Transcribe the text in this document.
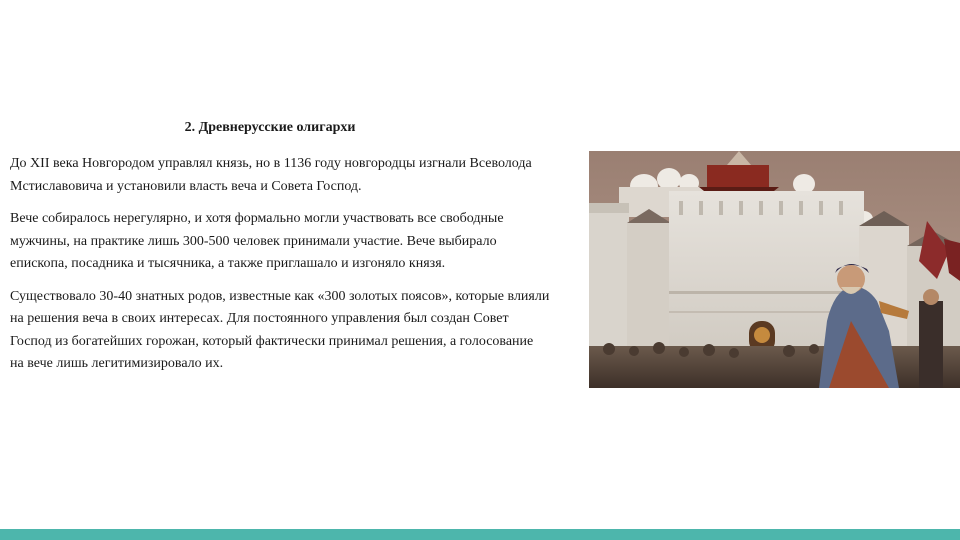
2. Древнерусские олигархи

До XII века Новгородом управлял князь, но в 1136 году новгородцы изгнали Всеволода Мстиславовича и установили власть веча и Совета Господ.

Вече собиралось нерегулярно, и хотя формально могли участвовать все свободные мужчины, на практике лишь 300-500 человек принимали участие. Вече выбирало епископа, посадника и тысячника, а также приглашало и изгоняло князя.

Существовало 30-40 знатных родов, известные как «300 золотых поясов», которые влияли на решения веча в своих интересах. Для постоянного управления был создан Совет Господ из богатейших горожан, который фактически принимал решения, а голосование на вече лишь легитимизировало их.
